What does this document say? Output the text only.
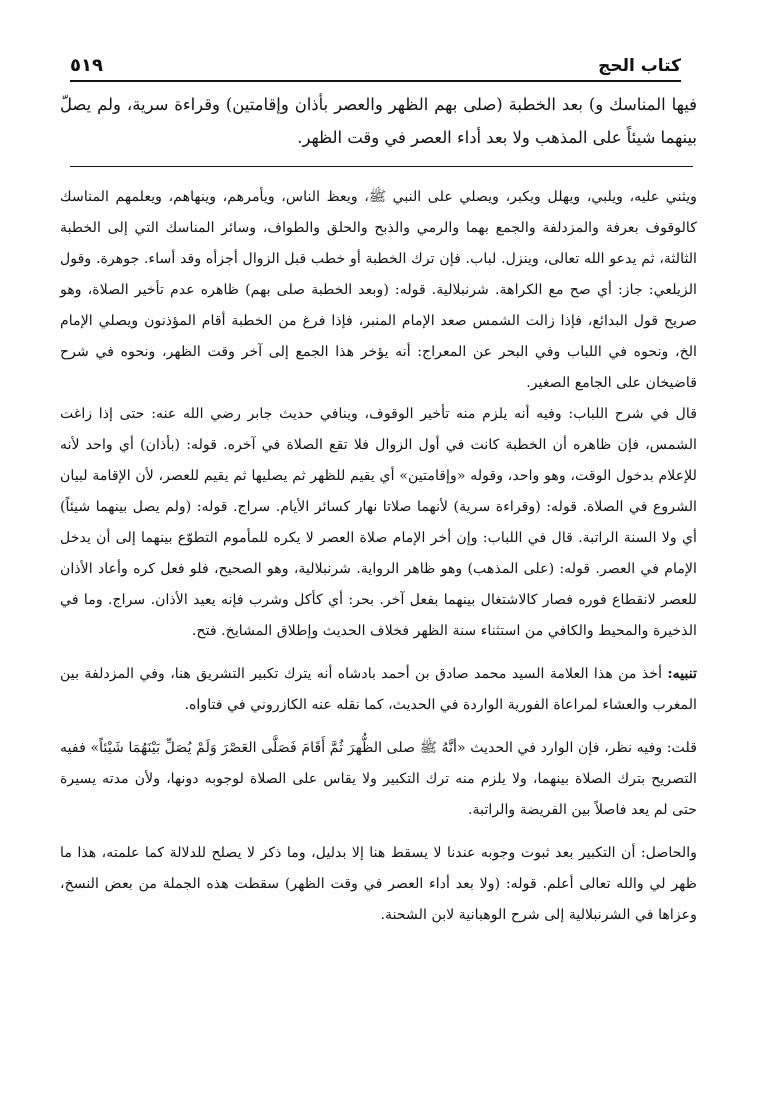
كتاب الحج
٥١٩
فيها المناسك و) بعد الخطبة (صلى بهم الظهر والعصر بأذان وإقامتين) وقراءة سرية، ولم يصلّ بينهما شيئاً على المذهب ولا بعد أداء العصر في وقت الظهر.

ويثني عليه، ويلبي، ويهلل ويكبر، ويصلي على النبي ﷺ، ويعظ الناس، ويأمرهم، وينهاهم، ويعلمهم المناسك كالوقوف بعرفة والمزدلفة والجمع بهما والرمي والذبح والحلق والطواف، وسائر المناسك التي إلى الخطبة الثالثة، ثم يدعو الله تعالى، وينزل. لباب. فإن ترك الخطبة أو خطب قبل الزوال أجزأه وقد أساء. جوهرة. وقول الزيلعي: جاز: أي صح مع الكراهة. شرنبلالية. قوله: (وبعد الخطبة صلى بهم) ظاهره عدم تأخير الصلاة، وهو صريح قول البدائع، فإذا زالت الشمس صعد الإمام المنبر، فإذا فرغ من الخطبة أقام المؤذنون ويصلي الإمام الخ، ونحوه في اللباب وفي البحر عن المعراج: أنه يؤخر هذا الجمع إلى آخر وقت الظهر، ونحوه في شرح قاضيخان على الجامع الصغير.

قال في شرح اللباب: وفيه أنه يلزم منه تأخير الوقوف، وينافي حديث جابر رضي الله عنه: حتى إذا زاغت الشمس، فإن ظاهره أن الخطبة كانت في أول الزوال فلا تقع الصلاة في آخره. قوله: (بأذان) أي واحد لأنه للإعلام بدخول الوقت، وهو واحد، وقوله «وإقامتين» أي يقيم للظهر ثم يصليها ثم يقيم للعصر، لأن الإقامة لبيان الشروع في الصلاة. قوله: (وقراءة سرية) لأنهما صلاتا نهار كسائر الأيام. سراج. قوله: (ولم يصل بينهما شيئاً) أي ولا السنة الراتبة. قال في اللباب: وإن أخر الإمام صلاة العصر لا يكره للمأموم التطوّع بينهما إلى أن يدخل الإمام في العصر. قوله: (على المذهب) وهو ظاهر الرواية. شرنبلالية، وهو الصحيح، فلو فعل كره وأعاد الأذان للعصر لانقطاع فوره فصار كالاشتغال بينهما بفعل آخر. بحر: أي كأكل وشرب فإنه يعيد الأذان. سراج. وما في الذخيرة والمحيط والكافي من استثناء سنة الظهر فخلاف الحديث وإطلاق المشايخ. فتح.

تنبيه: أخذ من هذا العلامة السيد محمد صادق بن أحمد بادشاه أنه يترك تكبير التشريق هنا، وفي المزدلفة بين المغرب والعشاء لمراعاة الفورية الواردة في الحديث، كما نقله عنه الكازروني في فتاواه.

قلت: وفيه نظر، فإن الوارد في الحديث «أنَّهُ ﷺ صلى الظُّهرَ ثُمَّ أَقَامَ فَصَلَّى العَصْرَ وَلَمْ يُصَلِّ بَيْنَهُمَا شَيْئاً» ففيه التصريح بترك الصلاة بينهما، ولا يلزم منه ترك التكبير ولا يقاس على الصلاة لوجوبه دونها، ولأن مدته يسيرة حتى لم يعد فاصلاً بين الفريضة والراتبة.

والحاصل: أن التكبير بعد ثبوت وجوبه عندنا لا يسقط هنا إلا بدليل، وما ذكر لا يصلح للدلالة كما علمته، هذا ما ظهر لي والله تعالى أعلم. قوله: (ولا بعد أداء العصر في وقت الظهر) سقطت هذه الجملة من بعض النسخ، وعزاها في الشرنبلالية إلى شرح الوهبانية لابن الشحنة.
